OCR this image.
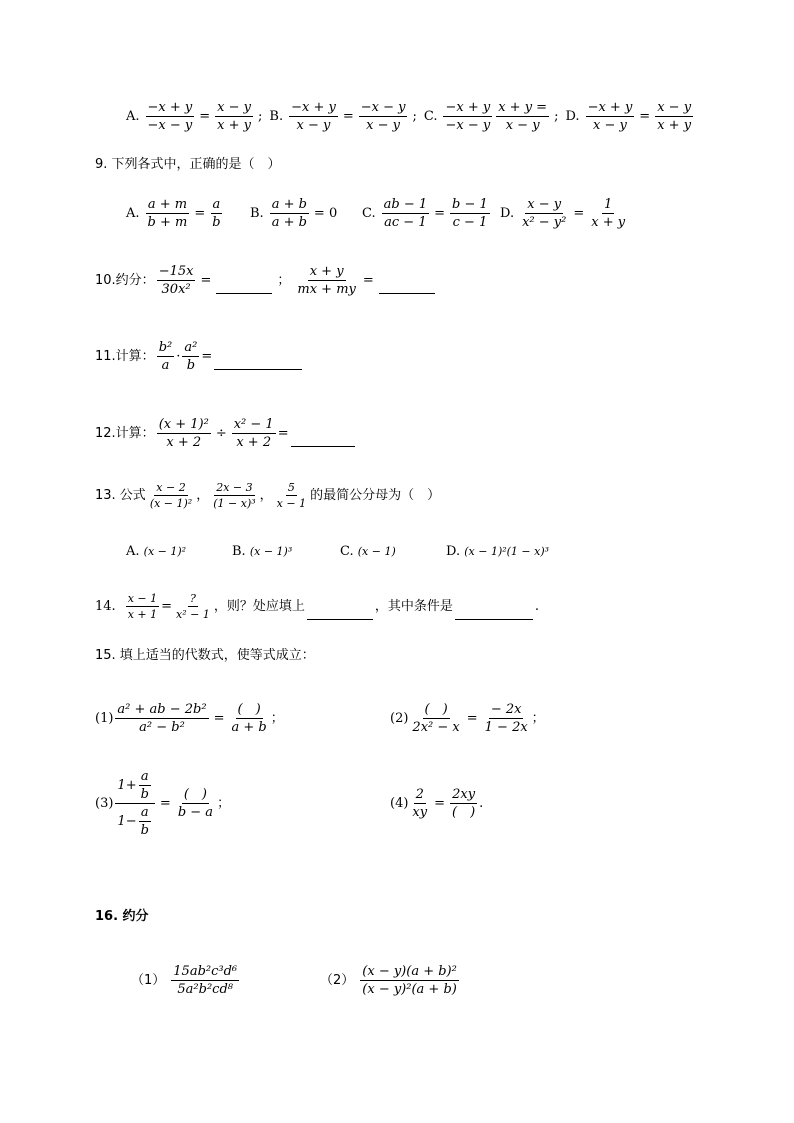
A. $\frac{-x + y}{-x - y} = \frac{x - y}{x + y}$ ; B. $\frac{-x + y}{x - y} = \frac{-x - y}{x - y}$ ; C. $\frac{-x + y}{-x - y} \frac{x + y =}{x - y}$ ; D. $\frac{-x + y}{x - y} = \frac{x - y}{x + y}$
9. 下列各式中，正确的是（　）
A. $\frac{a + m}{b + m} = \frac{a}{b} B$. $\frac{a + b}{a + b} = 0$ C. $\frac{ab - 1}{ac - 1} = \frac{b - 1}{c - 1} D$. $\frac{x - y}{\text{x² − y²}} = \frac{1}{x + y}$
10.约分： $\frac{-15x}{\text{30x²}}$ =	； $\frac{x + y}{mx + my}$ =
11.计算： $\frac{\text{b²}}{a} \cdot \frac{\text{a²}}{b}$ =
12.计算： $\frac{\text{(x + 1)²}}{x + 2} \div \frac{\text{x² − 1}}{x + 2}$ =
13. 公式 $\frac{x - 2}{\text{(x − 1)²}}$ ， $\frac{2x - 3}{\text{(1 − x)³}}$ ， $\frac{5}{x - 1}$ 的最简公分母为（　）
A. (x − 1)²	B. (x − 1)³	C. (x − 1)	D. (x − 1)²(1 − x)³
14. $\frac{x - 1}{x + 1} = \frac{?}{\text{x² − 1}}$ ，则？处应填上	，其中条件是	.
15. 填上适当的代数式，使等式成立：
$(1) \frac{\text{a² + ab − 2b²}}{\text{a² − b²}} = \frac{( )}{a + b}$ ；	$(2) \frac{( )}{\text{2x² − x}} = \frac{- 2x}{1 - 2x}$ ；
$(3) \frac{1+ \frac{a}{b}}{1- \frac{a}{b}} = \frac{( )}{b - a}$ ；	$(4) \frac{2}{xy} = \frac{2xy}{( )}$ .
16. 约分
$(1) \frac{\text{15ab²c³d⁶}}{\text{5a²b²cd⁸}}$	$(2) \frac{\text{(x − y)(a + b)²}}{\text{(x − y)²(a + b)}}$
